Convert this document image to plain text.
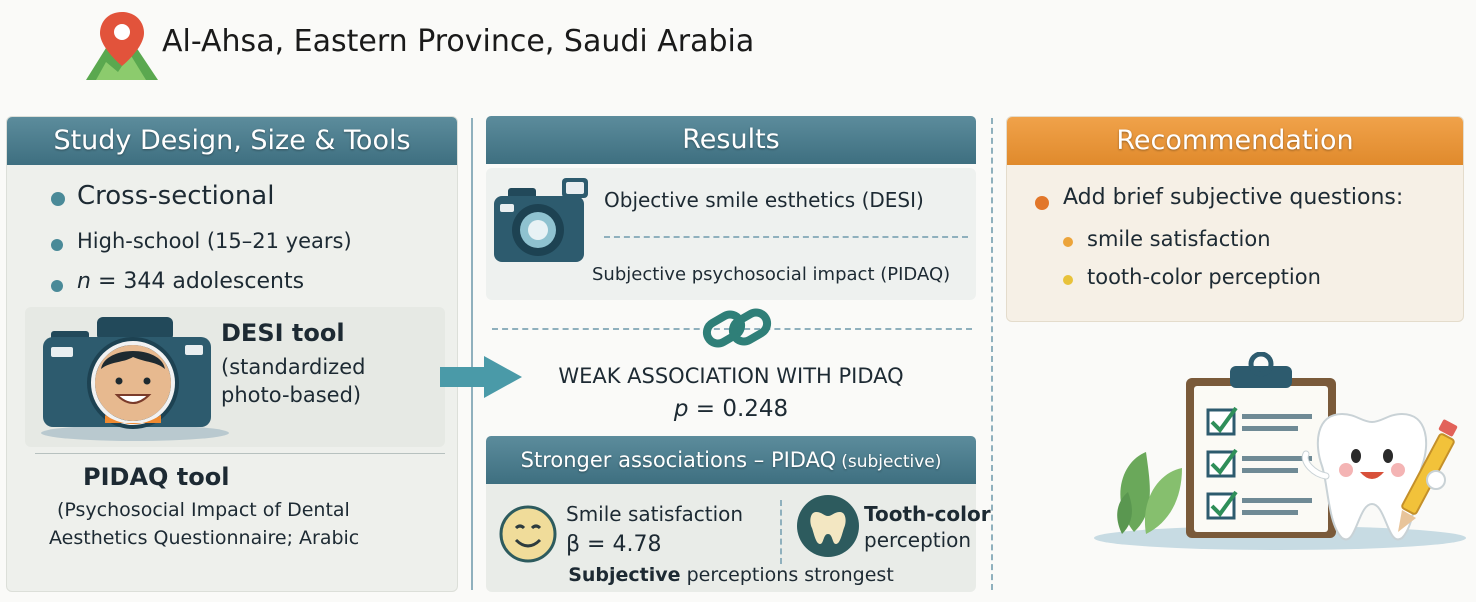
Al-Ahsa, Eastern Province, Saudi Arabia
Study Design, Size & Tools
Cross-sectional
High-school (15–21 years)
n = 344 adolescents
DESI tool
(standardized
photo-based)
PIDAQ tool
(Psychosocial Impact of Dental
Aesthetics Questionnaire; Arabic
Results
Objective smile esthetics (DESI)
Subjective psychosocial impact (PIDAQ)
WEAK ASSOCIATION WITH PIDAQ
p = 0.248
Stronger associations – PIDAQ (subjective)
Smile satisfaction
β = 4.78
Tooth-color
perception
Subjective perceptions strongest
Recommendation
Add brief subjective questions:
smile satisfaction
tooth-color perception
